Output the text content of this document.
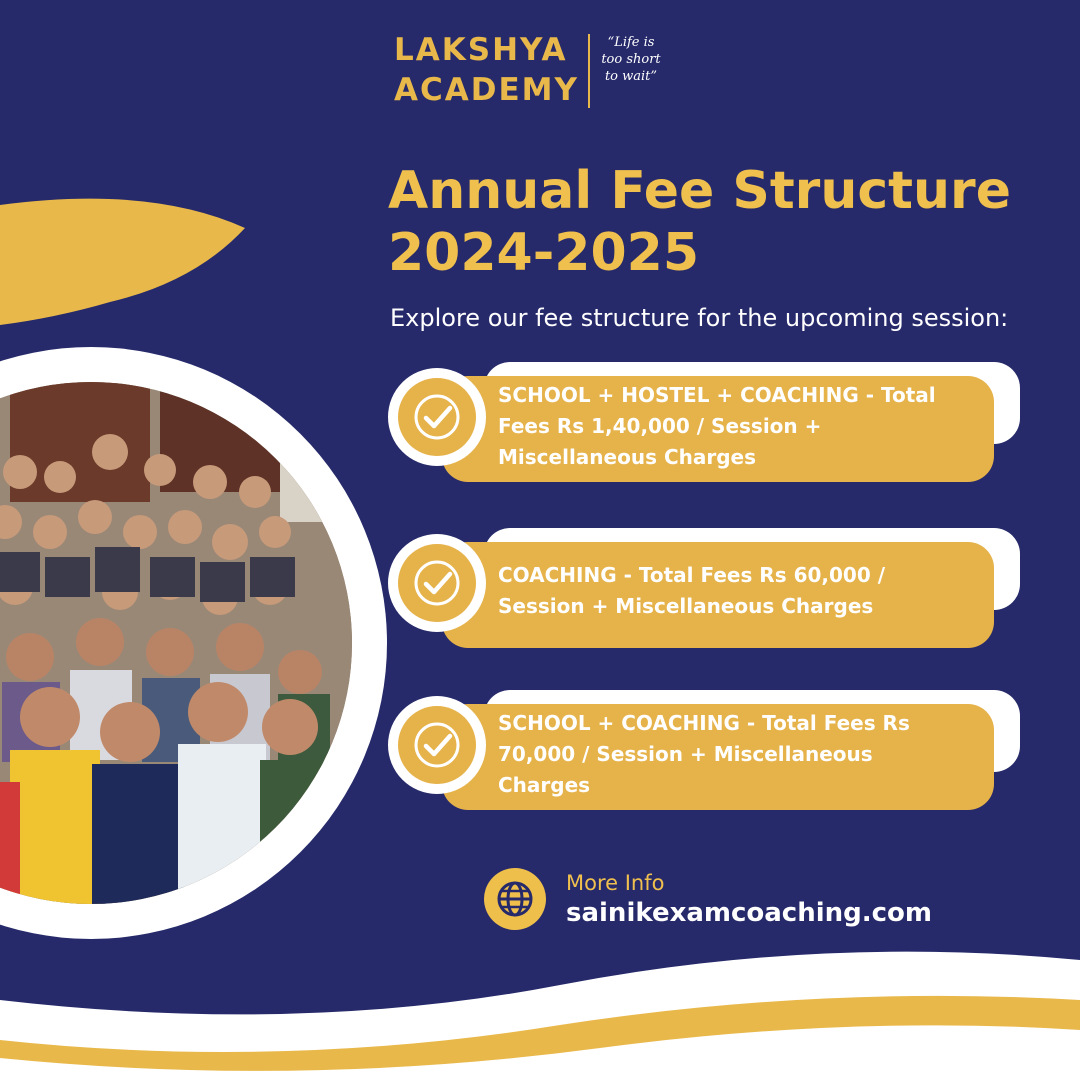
LAKSHYA
ACADEMY
“Life is too short to wait”
Annual Fee Structure 2024-2025
Explore our fee structure for the upcoming session:

SCHOOL + HOSTEL + COACHING - Total Fees Rs 1,40,000 / Session + Miscellaneous Charges

COACHING - Total Fees Rs 60,000 / Session + Miscellaneous Charges

SCHOOL + COACHING - Total Fees Rs 70,000 / Session + Miscellaneous Charges

More Info
sainikexamcoaching.com
